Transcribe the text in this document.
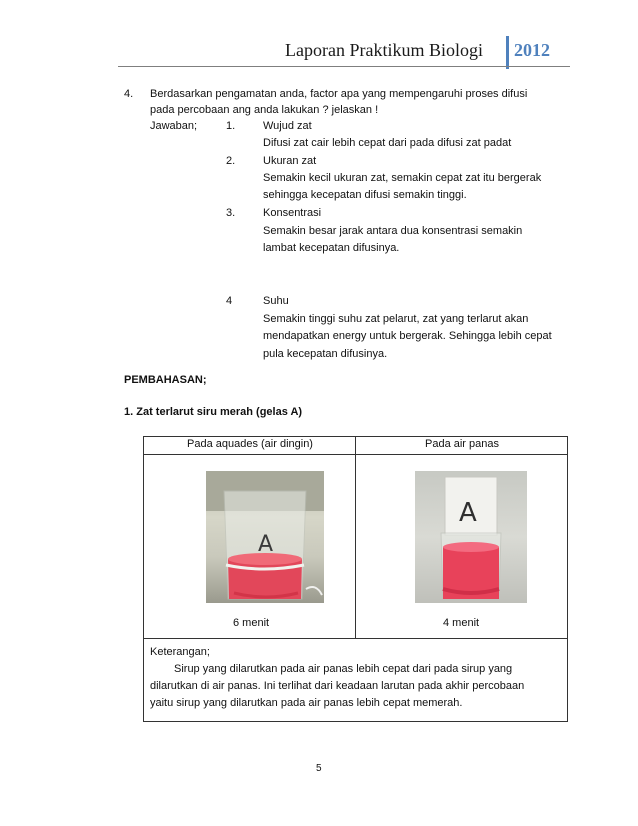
Laporan Praktikum Biologi 2012
4. Berdasarkan pengamatan anda, factor apa yang mempengaruhi proses difusi
pada percobaan ang anda lakukan ? jelaskan !
Jawaban;	1.	Wujud zat
Difusi zat cair lebih cepat dari pada difusi zat padat
2.	Ukuran zat
Semakin kecil ukuran zat, semakin cepat zat itu bergerak
sehingga kecepatan difusi semakin tinggi.
3.	Konsentrasi
Semakin besar jarak antara dua konsentrasi semakin
lambat kecepatan difusinya.
4	Suhu
Semakin tinggi suhu zat pelarut, zat yang terlarut akan
mendapatkan energy untuk bergerak. Sehingga lebih cepat
pula kecepatan difusinya.
PEMBAHASAN;
1. Zat terlarut siru merah (gelas A)
Pada aquades (air dingin)	Pada air panas
A
A
6 menit	4 menit
Keterangan;
Sirup yang dilarutkan pada air panas lebih cepat dari pada sirup yang
dilarutkan di air panas. Ini terlihat dari keadaan larutan pada akhir percobaan
yaitu sirup yang dilarutkan pada air panas lebih cepat memerah.
5
